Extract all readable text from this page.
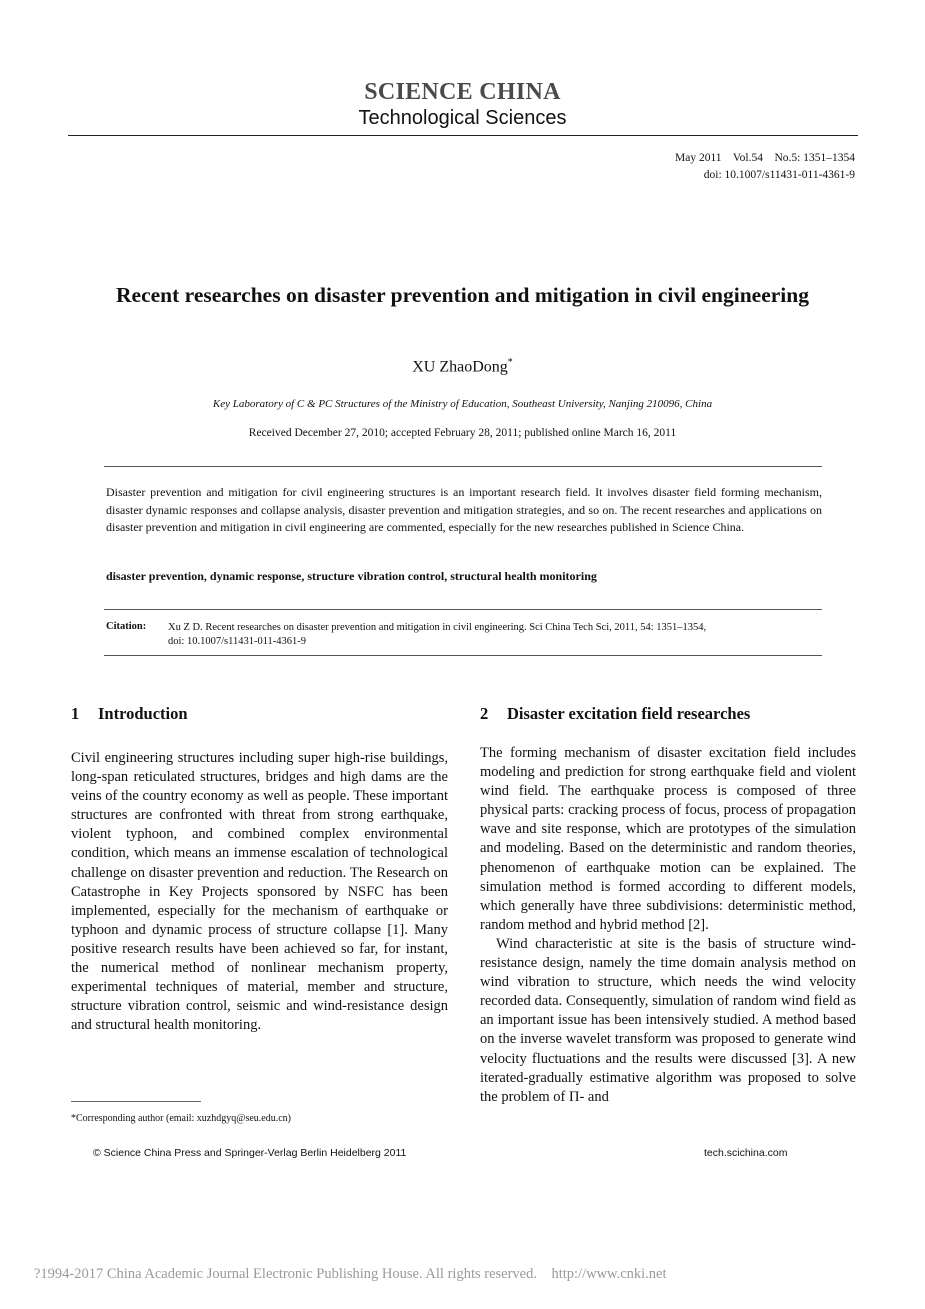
SCIENCE CHINA
Technological Sciences
May 2011    Vol.54    No.5: 1351–1354
doi: 10.1007/s11431-011-4361-9
Recent researches on disaster prevention and mitigation in civil engineering
XU ZhaoDong*
Key Laboratory of C & PC Structures of the Ministry of Education, Southeast University, Nanjing 210096, China
Received December 27, 2010; accepted February 28, 2011; published online March 16, 2011
Disaster prevention and mitigation for civil engineering structures is an important research field. It involves disaster field forming mechanism, disaster dynamic responses and collapse analysis, disaster prevention and mitigation strategies, and so on. The recent researches and applications on disaster prevention and mitigation in civil engineering are commented, especially for the new researches published in Science China.
disaster prevention, dynamic response, structure vibration control, structural health monitoring
Citation: Xu Z D. Recent researches on disaster prevention and mitigation in civil engineering. Sci China Tech Sci, 2011, 54: 1351–1354,
doi: 10.1007/s11431-011-4361-9
1 Introduction

Civil engineering structures including super high-rise buildings, long-span reticulated structures, bridges and high dams are the veins of the country economy as well as people. These important structures are confronted with threat from strong earthquake, violent typhoon, and combined complex environmental condition, which means an immense escalation of technological challenge on disaster prevention and reduction. The Research on Catastrophe in Key Projects sponsored by NSFC has been implemented, especially for the mechanism of earthquake or typhoon and dynamic process of structure collapse [1]. Many positive research results have been achieved so far, for instant, the numerical method of nonlinear mechanism property, experimental techniques of material, member and structure, structure vibration control, seismic and wind-resistance design and structural health monitoring.

2 Disaster excitation field researches

The forming mechanism of disaster excitation field includes modeling and prediction for strong earthquake field and violent wind field. The earthquake process is composed of three physical parts: cracking process of focus, process of propagation wave and site response, which are prototypes of the simulation and modeling. Based on the deterministic and random theories, phenomenon of earthquake motion can be explained. The simulation method is formed according to different models, which generally have three subdivisions: deterministic method, random method and hybrid method [2].

Wind characteristic at site is the basis of structure wind-resistance design, namely the time domain analysis method on wind vibration to structure, which needs the wind velocity recorded data. Consequently, simulation of random wind field as an important issue has been intensively studied. A method based on the inverse wavelet transform was proposed to generate wind velocity fluctuations and the results were discussed [3]. A new iterated-gradually estimative algorithm was proposed to solve the problem of Π- and

*Corresponding author (email: xuzhdgyq@seu.edu.cn)
© Science China Press and Springer-Verlag Berlin Heidelberg 2011	tech.scichina.com
?1994-2017 China Academic Journal Electronic Publishing House. All rights reserved.    http://www.cnki.net
